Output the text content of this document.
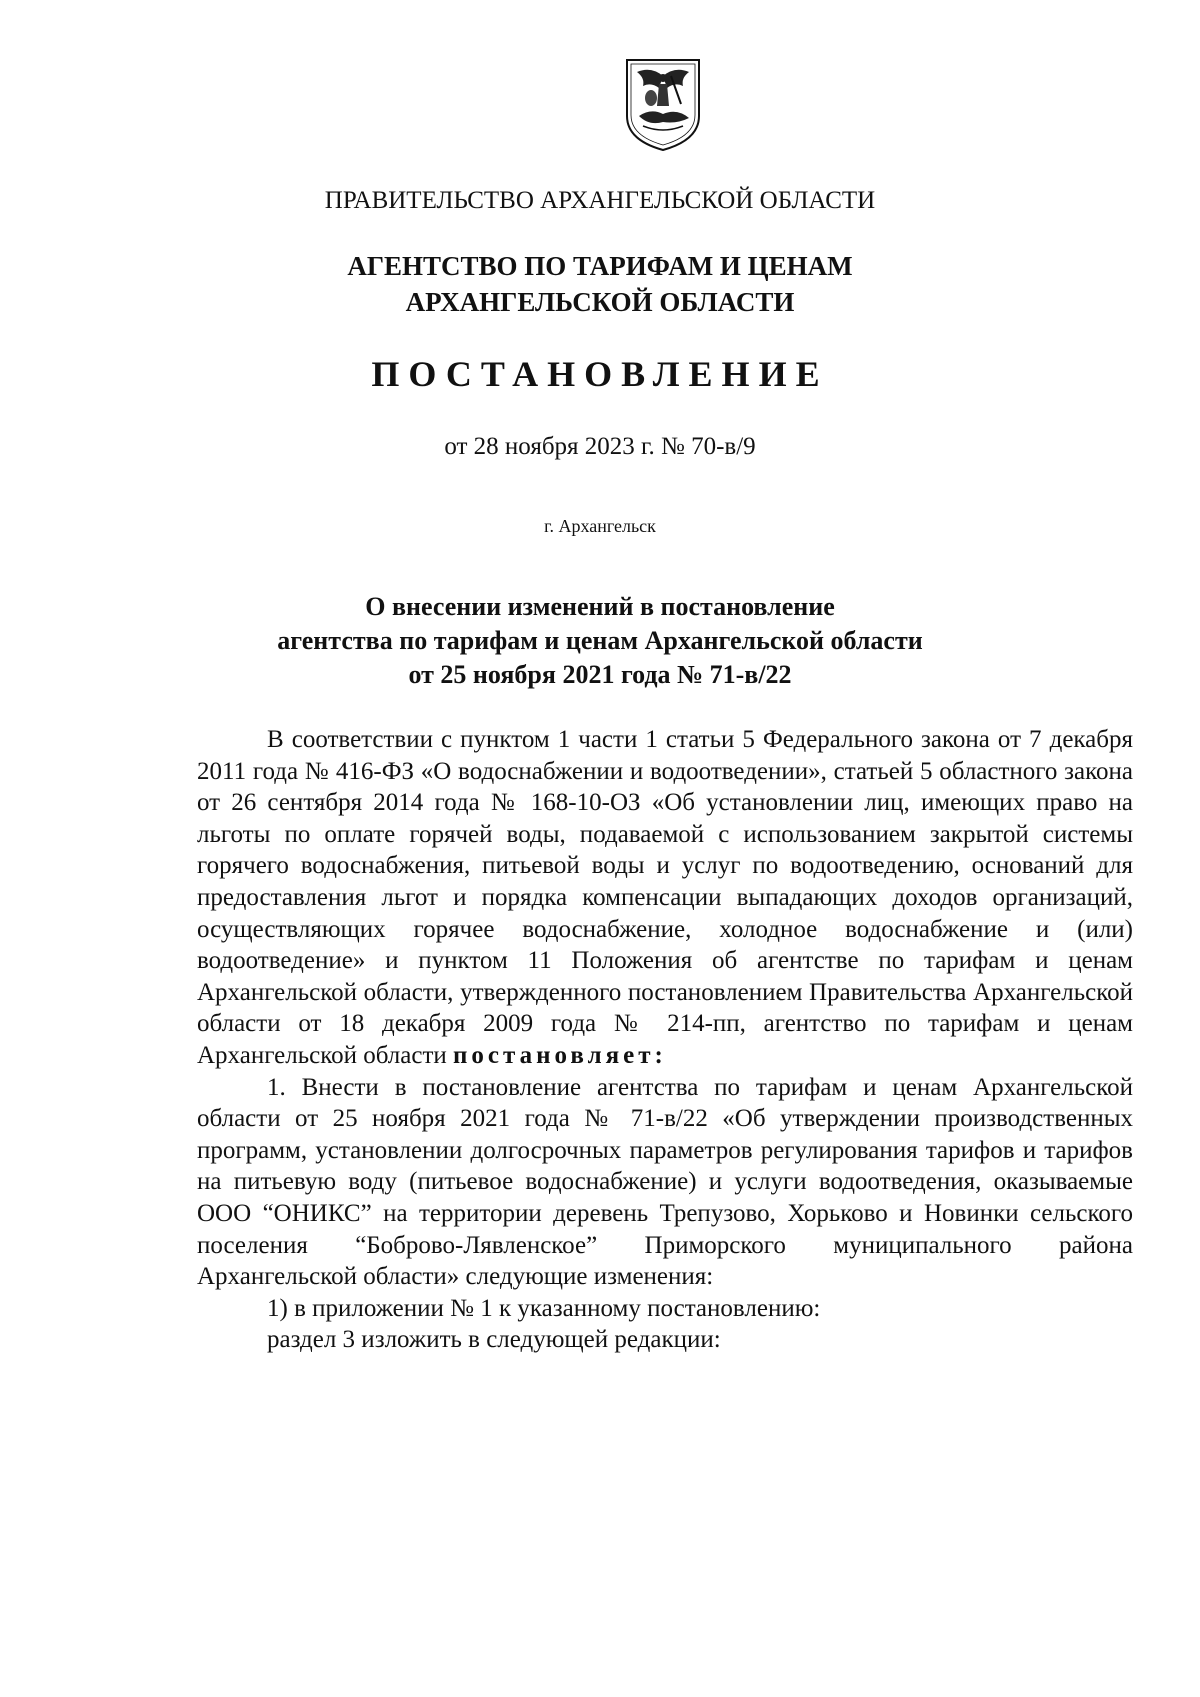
ПРАВИТЕЛЬСТВО АРХАНГЕЛЬСКОЙ ОБЛАСТИ
АГЕНТСТВО ПО ТАРИФАМ И ЦЕНАМ
АРХАНГЕЛЬСКОЙ ОБЛАСТИ
ПОСТАНОВЛЕНИЕ
от 28 ноября 2023 г. № 70-в/9
г. Архангельск
О внесении изменений в постановление
агентства по тарифам и ценам Архангельской области
от 25 ноября 2021 года № 71-в/22

В соответствии с пунктом 1 части 1 статьи 5 Федерального закона от 7 декабря 2011 года № 416-ФЗ «О водоснабжении и водоотведении», статьей 5 областного закона от 26 сентября 2014 года № 168-10-ОЗ «Об установлении лиц, имеющих право на льготы по оплате горячей воды, подаваемой с использованием закрытой системы горячего водоснабжения, питьевой воды и услуг по водоотведению, оснований для предоставления льгот и порядка компенсации выпадающих доходов организаций, осуществляющих горячее водоснабжение, холодное водоснабжение и (или) водоотведение» и пунктом 11 Положения об агентстве по тарифам и ценам Архангельской области, утвержденного постановлением Правительства Архангельской области от 18 декабря 2009 года № 214-пп, агентство по тарифам и ценам Архангельской области постановляет:

1. Внести в постановление агентства по тарифам и ценам Архангельской области от 25 ноября 2021 года № 71-в/22 «Об утверждении производственных программ, установлении долгосрочных параметров регулирования тарифов и тарифов на питьевую воду (питьевое водоснабжение) и услуги водоотведения, оказываемые ООО “ОНИКС” на территории деревень Трепузово, Хорьково и Новинки сельского поселения “Боброво-Лявленское” Приморского муниципального района Архангельской области» следующие изменения:

1) в приложении № 1 к указанному постановлению:

раздел 3 изложить в следующей редакции:
